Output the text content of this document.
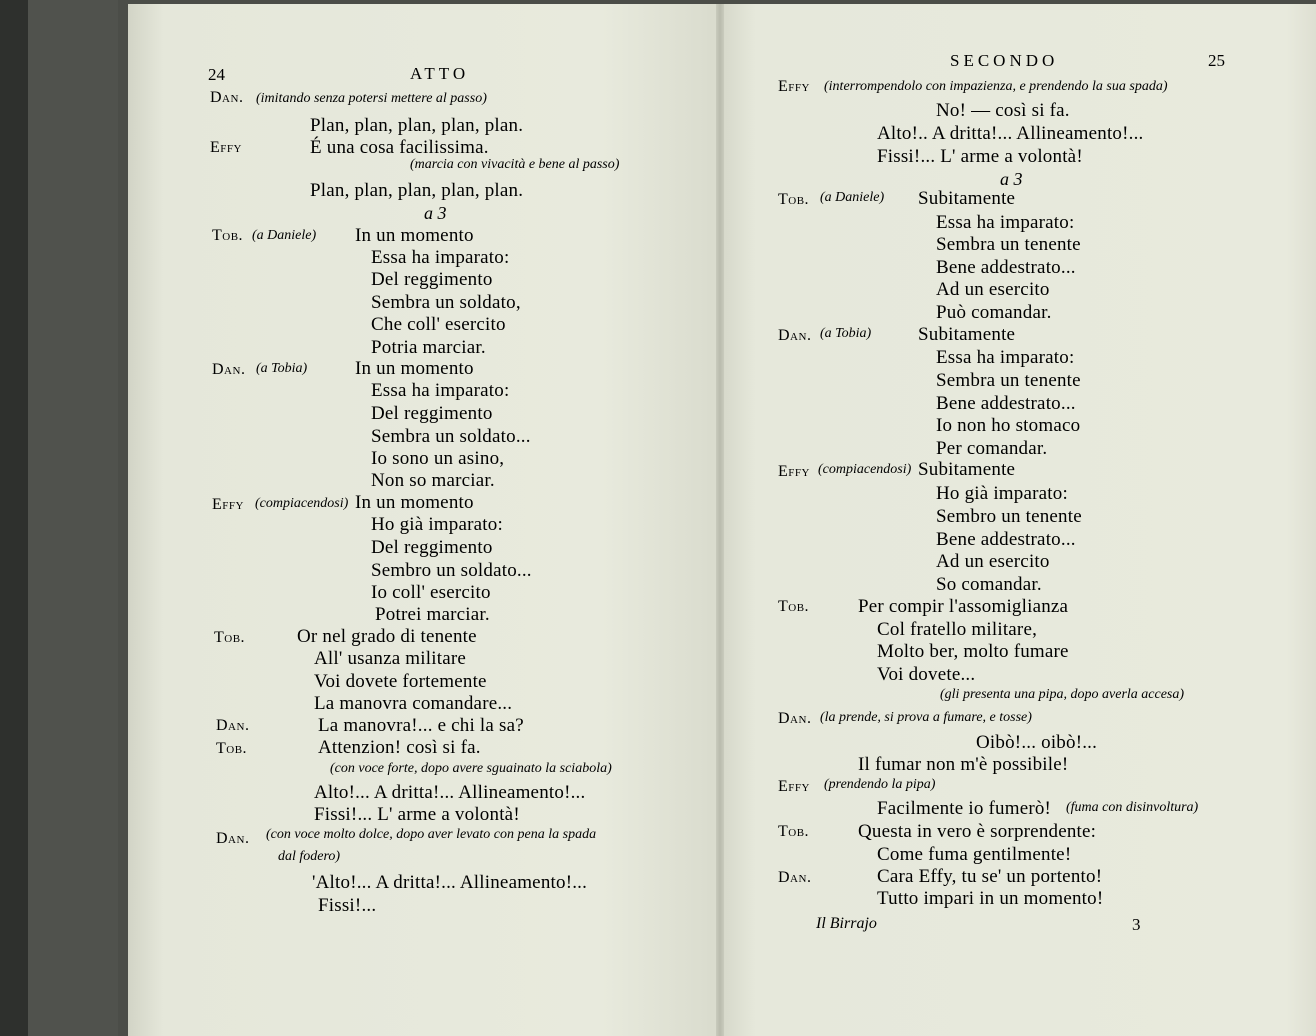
24	ATTO
Dan. (imitando senza potersi mettere al passo)
Plan, plan, plan, plan, plan.
Effy	É una cosa facilissima.
(marcia con vivacità e bene al passo)
Plan, plan, plan, plan, plan.
a 3
Tob. (a Daniele) In un momento
Essa ha imparato:
Del reggimento
Sembra un soldato,
Che coll' esercito
Potria marciar.
Dan. (a Tobia)	In un momento
Essa ha imparato:
Del reggimento
Sembra un soldato...
Io sono un asino,
Non so marciar.
Effy (compiacendosi) In un momento
Ho già imparato:
Del reggimento
Sembro un soldato...
Io coll' esercito
Potrei marciar.
Tob.	Or nel grado di tenente
All' usanza militare
Voi dovete fortemente
La manovra comandare...
Dan.	La manovra!... e chi la sa?
Tob.	Attenzion! così si fa.
(con voce forte, dopo avere sguainato la sciabola)
Alto!... A dritta!... Allineamento!...
Fissi!... L' arme a volontà!
Dan. (con voce molto dolce, dopo aver levato con pena la spada
dal fodero)
'Alto!... A dritta!... Allineamento!...
Fissi!...
SECONDO	25
Effy (interrompendolo con impazienza, e prendendo la sua spada)
No! — così si fa.
Alto!.. A dritta!... Allineamento!...
Fissi!... L' arme a volontà!
a 3
Tob. (a Daniele) Subitamente
Essa ha imparato:
Sembra un tenente
Bene addestrato...
Ad un esercito
Può comandar.
Dan. (a Tobia) Subitamente
Essa ha imparato:
Sembra un tenente
Bene addestrato...
Io non ho stomaco
Per comandar.
Effy (compiacendosi) Subitamente
Ho già imparato:
Sembro un tenente
Bene addestrato...
Ad un esercito
So comandar.
Tob.	Per compir l'assomiglianza
Col fratello militare,
Molto ber, molto fumare
Voi dovete...
(gli presenta una pipa, dopo averla accesa)
Dan. (la prende, si prova a fumare, e tosse)
Oibò!... oibò!...
Il fumar non m'è possibile!
Effy (prendendo la pipa)
Facilmente io fumerò! (fuma con disinvoltura)
Tob.	Questa in vero è sorprendente:
Come fuma gentilmente!
Dan.	Cara Effy, tu se' un portento!
Tutto impari in un momento!
Il Birrajo	3
